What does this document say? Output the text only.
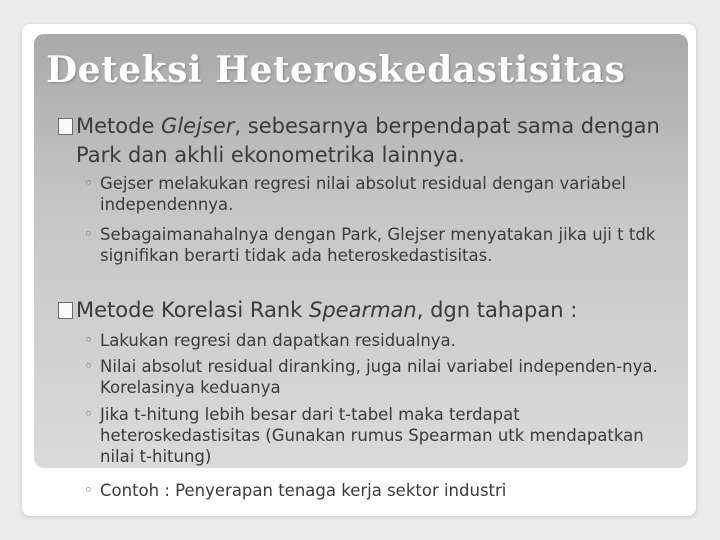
Deteksi Heteroskedastisitas
Metode Glejser, sebesarnya berpendapat sama dengan Park dan akhli ekonometrika lainnya.
◦ Gejser melakukan regresi nilai absolut residual dengan variabel independennya.
◦ Sebagaimanahalnya dengan Park, Glejser menyatakan jika uji t tdk signifikan berarti tidak ada heteroskedastisitas.
Metode Korelasi Rank Spearman, dgn tahapan :
◦ Lakukan regresi dan dapatkan residualnya.
◦ Nilai absolut residual diranking, juga nilai variabel independen-nya. Korelasinya keduanya
◦ Jika t-hitung lebih besar dari t-tabel maka terdapat heteroskedastisitas (Gunakan rumus Spearman utk mendapatkan nilai t-hitung)
◦ Contoh : Penyerapan tenaga kerja sektor industri
